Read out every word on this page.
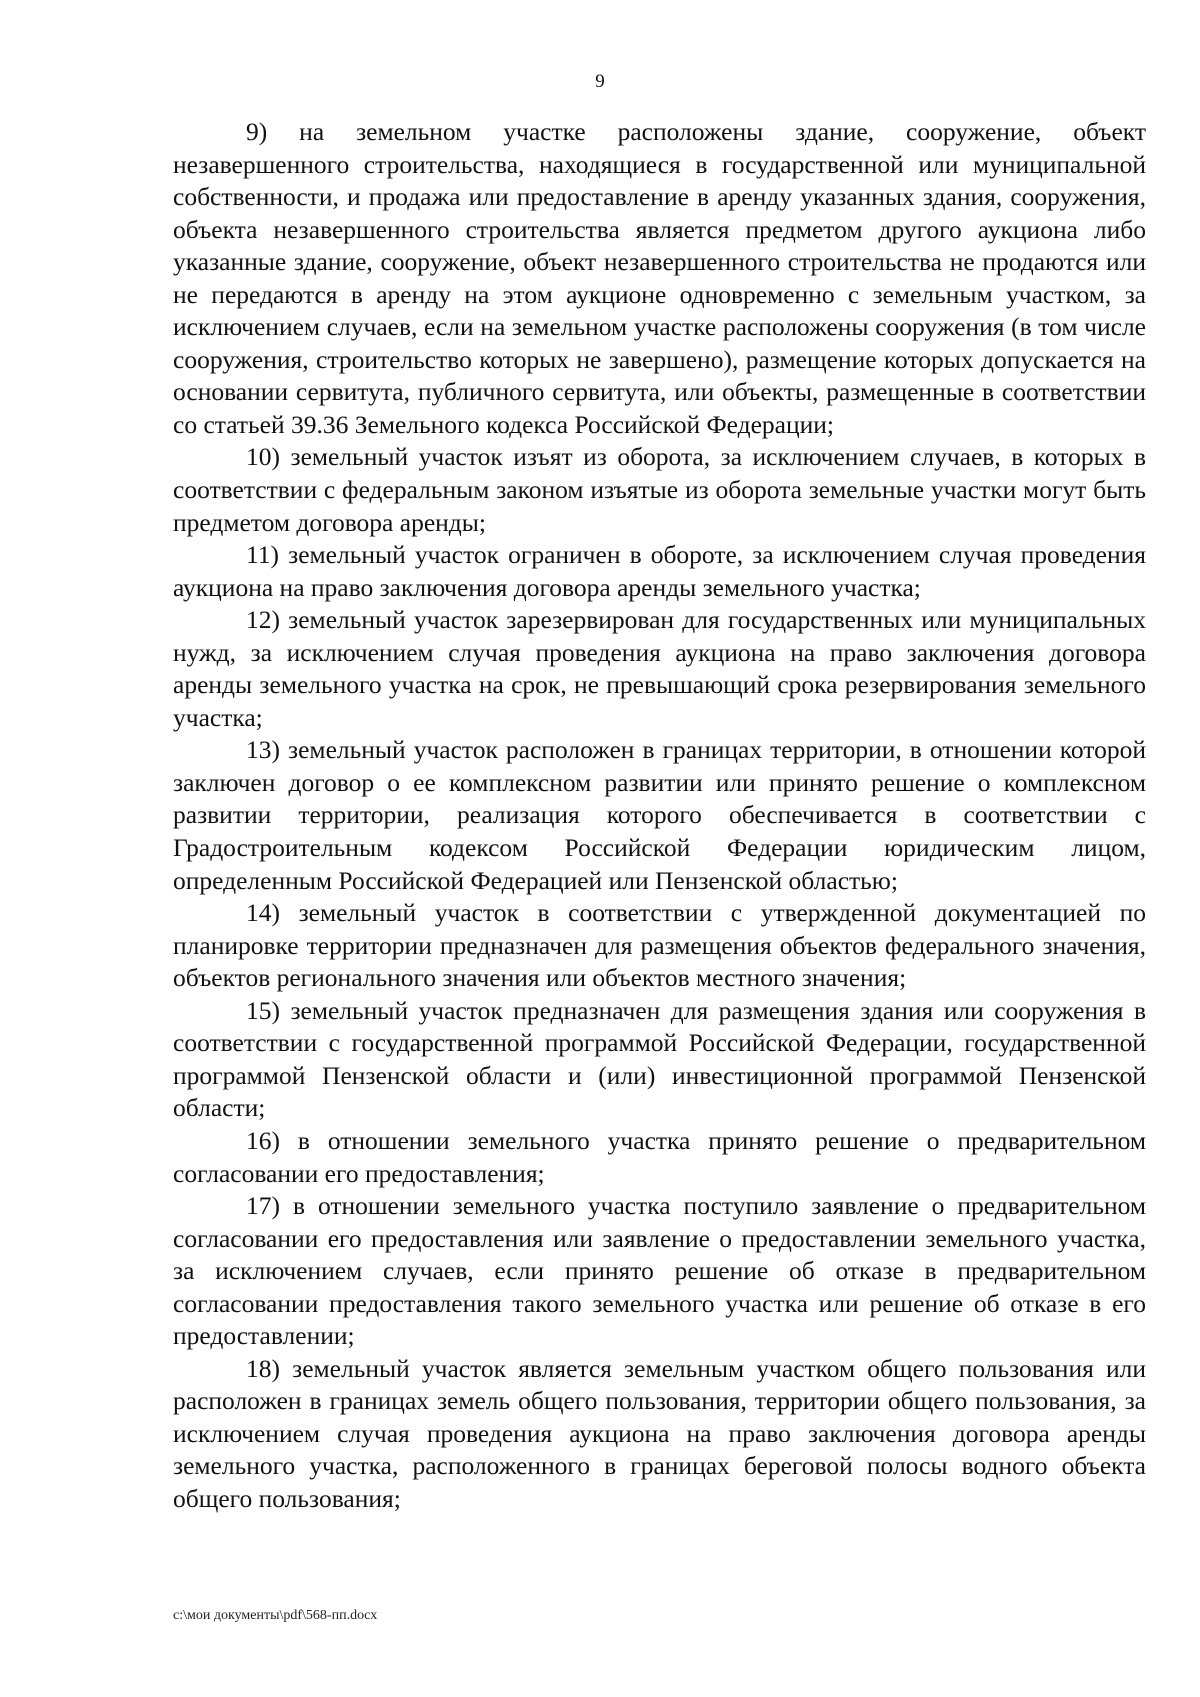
9

9) на земельном участке расположены здание, сооружение, объект незавершенного строительства, находящиеся в государственной или муниципальной собственности, и продажа или предоставление в аренду указанных здания, сооружения, объекта незавершенного строительства является предметом другого аукциона либо указанные здание, сооружение, объект незавершенного строительства не продаются или не передаются в аренду на этом аукционе одновременно с земельным участком, за исключением случаев, если на земельном участке расположены сооружения (в том числе сооружения, строительство которых не завершено), размещение которых допускается на основании сервитута, публичного сервитута, или объекты, размещенные в соответствии со статьей 39.36 Земельного кодекса Российской Федерации;

10) земельный участок изъят из оборота, за исключением случаев, в которых в соответствии с федеральным законом изъятые из оборота земельные участки могут быть предметом договора аренды;

11) земельный участок ограничен в обороте, за исключением случая проведения аукциона на право заключения договора аренды земельного участка;

12) земельный участок зарезервирован для государственных или муниципальных нужд, за исключением случая проведения аукциона на право заключения договора аренды земельного участка на срок, не превышающий срока резервирования земельного участка;

13) земельный участок расположен в границах территории, в отношении которой заключен договор о ее комплексном развитии или принято решение о комплексном развитии территории, реализация которого обеспечивается в соответствии с Градостроительным кодексом Российской Федерации юридическим лицом, определенным Российской Федерацией или Пензенской областью;

14) земельный участок в соответствии с утвержденной документацией по планировке территории предназначен для размещения объектов федерального значения, объектов регионального значения или объектов местного значения;

15) земельный участок предназначен для размещения здания или сооружения в соответствии с государственной программой Российской Федерации, государственной программой Пензенской области и (или) инвестиционной программой Пензенской области;

16) в отношении земельного участка принято решение о предварительном согласовании его предоставления;

17) в отношении земельного участка поступило заявление о предварительном согласовании его предоставления или заявление о предоставлении земельного участка, за исключением случаев, если принято решение об отказе в предварительном согласовании предоставления такого земельного участка или решение об отказе в его предоставлении;

18) земельный участок является земельным участком общего пользования или расположен в границах земель общего пользования, территории общего пользования, за исключением случая проведения аукциона на право заключения договора аренды земельного участка, расположенного в границах береговой полосы водного объекта общего пользования;

c:\мои документы\pdf\568-пп.docx
